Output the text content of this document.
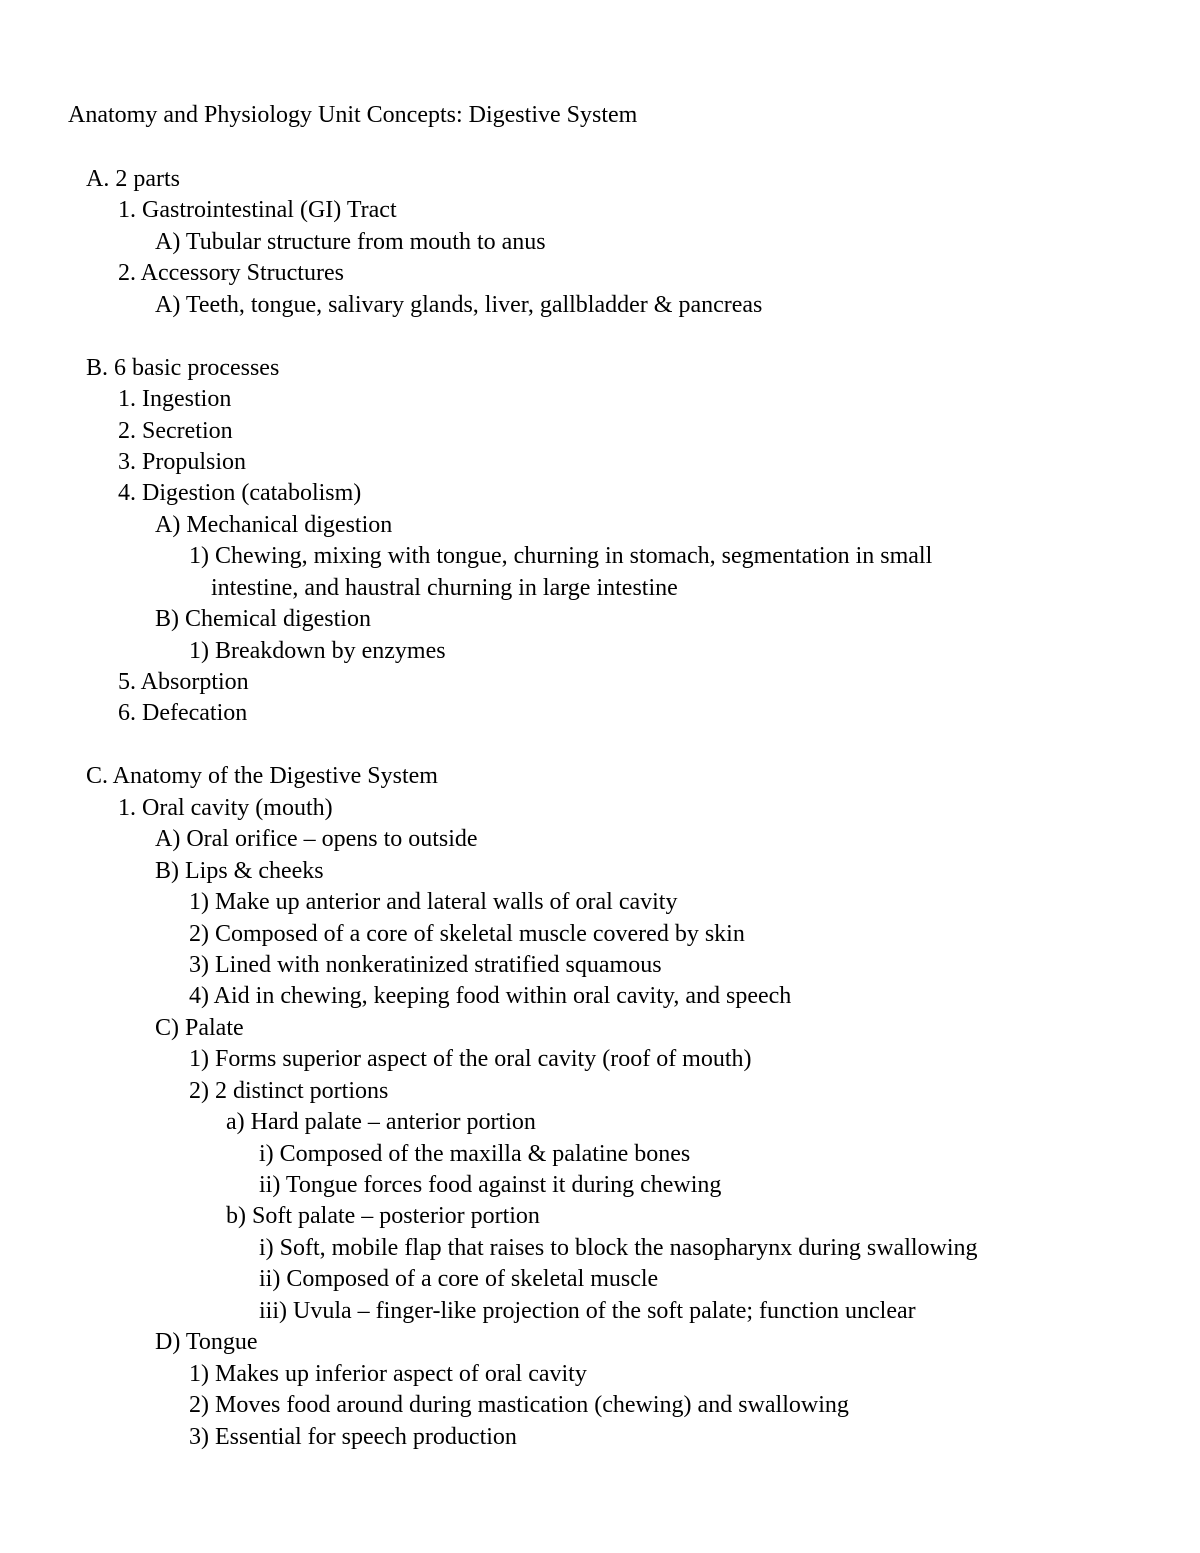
Anatomy and Physiology Unit Concepts: Digestive System
A. 2 parts
1. Gastrointestinal (GI) Tract
A) Tubular structure from mouth to anus
2. Accessory Structures
A) Teeth, tongue, salivary glands, liver, gallbladder & pancreas
B. 6 basic processes
1. Ingestion
2. Secretion
3. Propulsion
4. Digestion (catabolism)
A) Mechanical digestion
1) Chewing, mixing with tongue, churning in stomach, segmentation in small
intestine, and haustral churning in large intestine
B) Chemical digestion
1) Breakdown by enzymes
5. Absorption
6. Defecation
C. Anatomy of the Digestive System
1. Oral cavity (mouth)
A) Oral orifice – opens to outside
B) Lips & cheeks
1) Make up anterior and lateral walls of oral cavity
2) Composed of a core of skeletal muscle covered by skin
3) Lined with nonkeratinized stratified squamous
4) Aid in chewing, keeping food within oral cavity, and speech
C) Palate
1) Forms superior aspect of the oral cavity (roof of mouth)
2) 2 distinct portions
a) Hard palate – anterior portion
i) Composed of the maxilla & palatine bones
ii) Tongue forces food against it during chewing
b) Soft palate – posterior portion
i) Soft, mobile flap that raises to block the nasopharynx during swallowing
ii) Composed of a core of skeletal muscle
iii) Uvula – finger-like projection of the soft palate; function unclear
D) Tongue
1) Makes up inferior aspect of oral cavity
2) Moves food around during mastication (chewing) and swallowing
3) Essential for speech production
